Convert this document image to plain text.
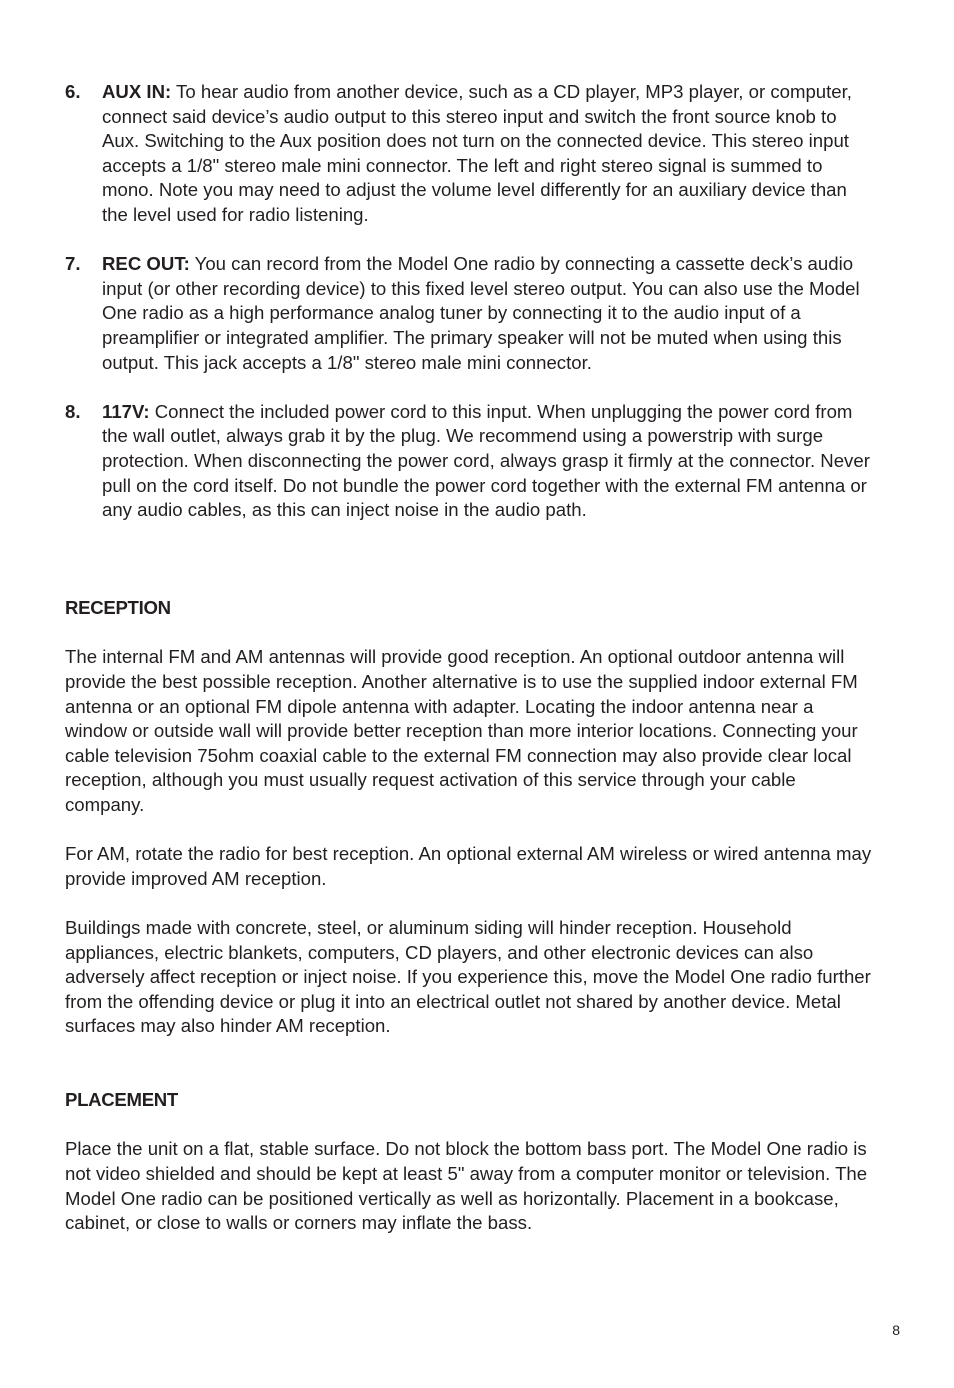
6. AUX IN: To hear audio from another device, such as a CD player, MP3 player, or computer, connect said device’s audio output to this stereo input and switch the front source knob to Aux. Switching to the Aux position does not turn on the connected device. This stereo input accepts a 1/8" stereo male mini connector. The left and right stereo signal is summed to mono. Note you may need to adjust the volume level differently for an auxiliary device than the level used for radio listening.
7. REC OUT: You can record from the Model One radio by connecting a cassette deck’s audio input (or other recording device) to this fixed level stereo output. You can also use the Model One radio as a high performance analog tuner by connecting it to the audio input of a preamplifier or integrated amplifier. The primary speaker will not be muted when using this output. This jack accepts a 1/8" stereo male mini connector.
8. 117V: Connect the included power cord to this input. When unplugging the power cord from the wall outlet, always grab it by the plug. We recommend using a powerstrip with surge protection. When disconnecting the power cord, always grasp it firmly at the connector. Never pull on the cord itself. Do not bundle the power cord together with the external FM antenna or any audio cables, as this can inject noise in the audio path.
RECEPTION

The internal FM and AM antennas will provide good reception. An optional outdoor antenna will provide the best possible reception. Another alternative is to use the supplied indoor external FM antenna or an optional FM dipole antenna with adapter. Locating the indoor antenna near a window or outside wall will provide better reception than more interior locations. Connecting your cable television 75ohm coaxial cable to the external FM connection may also provide clear local reception, although you must usually request activation of this service through your cable company.

For AM, rotate the radio for best reception. An optional external AM wireless or wired antenna may provide improved AM reception.

Buildings made with concrete, steel, or aluminum siding will hinder reception. Household appliances, electric blankets, computers, CD players, and other electronic devices can also adversely affect reception or inject noise. If you experience this, move the Model One radio further from the offending device or plug it into an electrical outlet not shared by another device. Metal surfaces may also hinder AM reception.

PLACEMENT

Place the unit on a flat, stable surface. Do not block the bottom bass port. The Model One radio is not video shielded and should be kept at least 5" away from a computer monitor or television. The Model One radio can be positioned vertically as well as horizontally. Placement in a bookcase, cabinet, or close to walls or corners may inflate the bass.

8
